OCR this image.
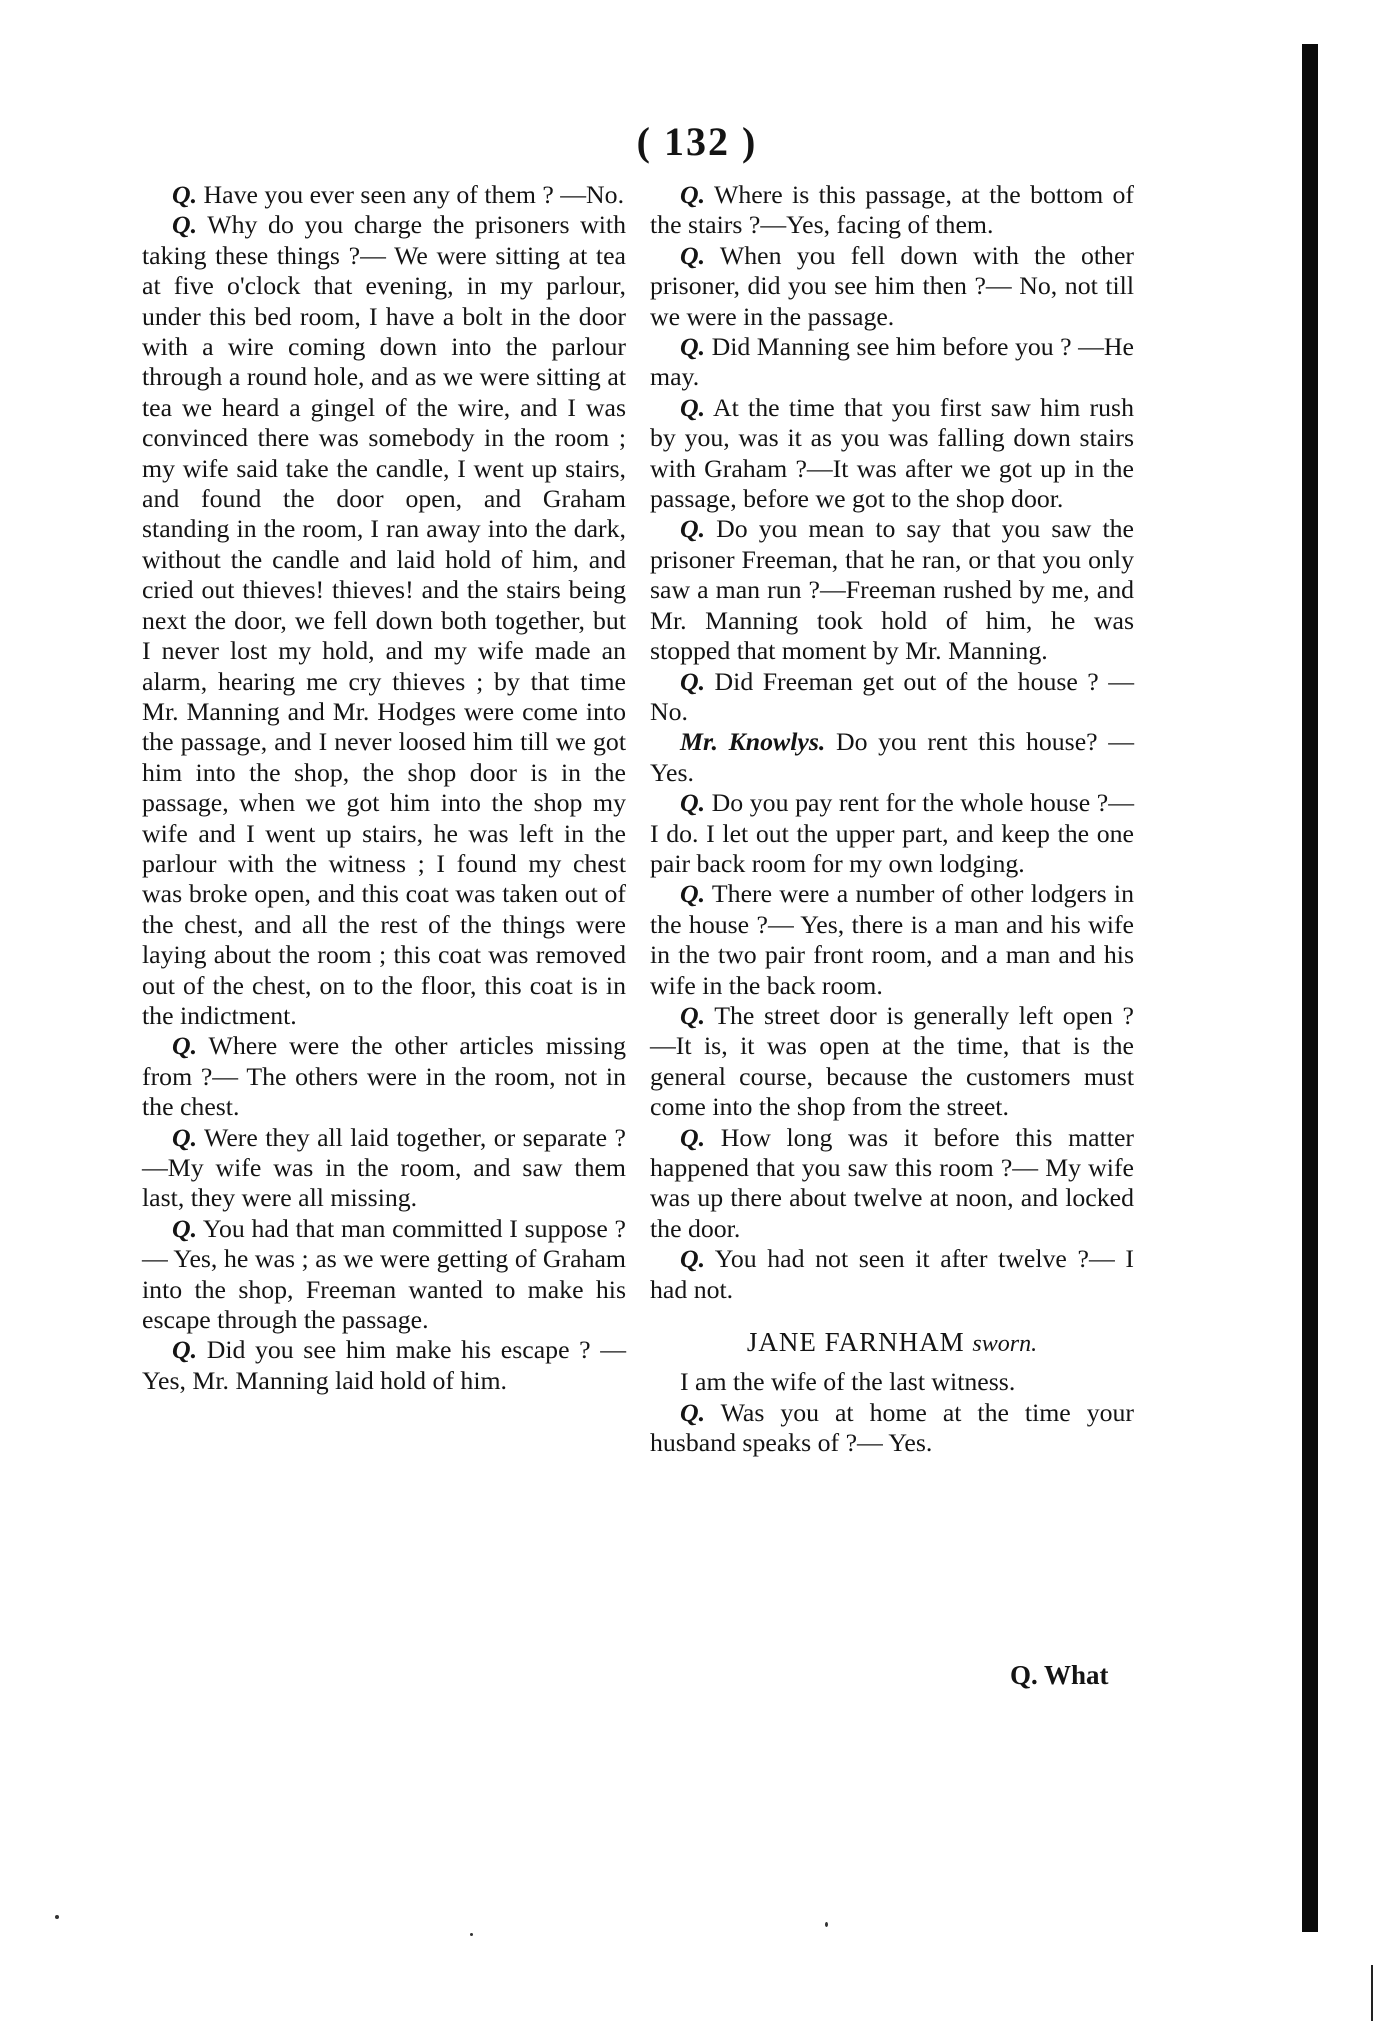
( 132 )

Q. Have you ever seen any of them ? —No.

Q. Why do you charge the prisoners with taking these things ?— We were sitting at tea at five o'clock that evening, in my parlour, under this bed room, I have a bolt in the door with a wire coming down into the parlour through a round hole, and as we were sitting at tea we heard a gingel of the wire, and I was convinced there was somebody in the room ; my wife said take the candle, I went up stairs, and found the door open, and Graham standing in the room, I ran away into the dark, without the candle and laid hold of him, and cried out thieves! thieves! and the stairs being next the door, we fell down both together, but I never lost my hold, and my wife made an alarm, hearing me cry thieves ; by that time Mr. Manning and Mr. Hodges were come into the passage, and I never loosed him till we got him into the shop, the shop door is in the passage, when we got him into the shop my wife and I went up stairs, he was left in the parlour with the witness ; I found my chest was broke open, and this coat was taken out of the chest, and all the rest of the things were laying about the room ; this coat was removed out of the chest, on to the floor, this coat is in the indictment.

Q. Where were the other articles missing from ?— The others were in the room, not in the chest.

Q. Were they all laid together, or separate ?—My wife was in the room, and saw them last, they were all missing.

Q. You had that man committed I suppose ?— Yes, he was ; as we were getting of Graham into the shop, Freeman wanted to make his escape through the passage.

Q. Did you see him make his escape ? — Yes, Mr. Manning laid hold of him.

Q. Where is this passage, at the bottom of the stairs ?—Yes, facing of them.

Q. When you fell down with the other prisoner, did you see him then ?— No, not till we were in the passage.

Q. Did Manning see him before you ? —He may.

Q. At the time that you first saw him rush by you, was it as you was falling down stairs with Graham ?—It was after we got up in the passage, before we got to the shop door.

Q. Do you mean to say that you saw the prisoner Freeman, that he ran, or that you only saw a man run ?—Freeman rushed by me, and Mr. Manning took hold of him, he was stopped that moment by Mr. Manning.

Q. Did Freeman get out of the house ? —No.

Mr. Knowlys. Do you rent this house? —Yes.

Q. Do you pay rent for the whole house ?—I do. I let out the upper part, and keep the one pair back room for my own lodging.

Q. There were a number of other lodgers in the house ?— Yes, there is a man and his wife in the two pair front room, and a man and his wife in the back room.

Q. The street door is generally left open ?—It is, it was open at the time, that is the general course, because the customers must come into the shop from the street.

Q. How long was it before this matter happened that you saw this room ?— My wife was up there about twelve at noon, and locked the door.

Q. You had not seen it after twelve ?— I had not.

JANE FARNHAM sworn.

I am the wife of the last witness.

Q. Was you at home at the time your husband speaks of ?— Yes.

Q. What
